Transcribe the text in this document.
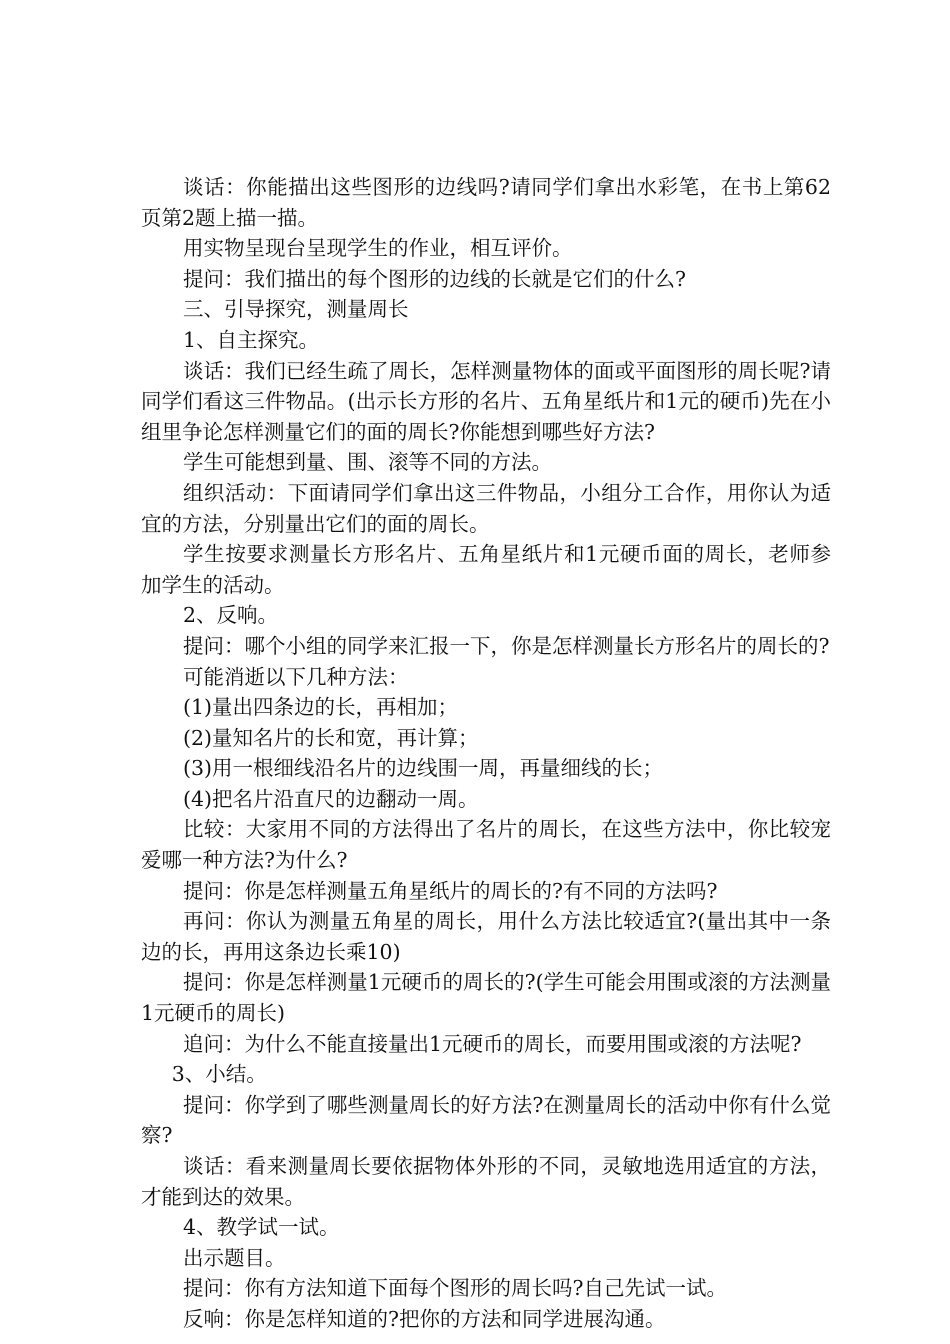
谈话：你能描出这些图形的边线吗?请同学们拿出水彩笔，在书上第62页第2题上描一描。

用实物呈现台呈现学生的作业，相互评价。

提问：我们描出的每个图形的边线的长就是它们的什么?

三、引导探究，测量周长

1、自主探究。

谈话：我们已经生疏了周长，怎样测量物体的面或平面图形的周长呢?请同学们看这三件物品。(出示长方形的名片、五角星纸片和1元的硬币)先在小组里争论怎样测量它们的面的周长?你能想到哪些好方法?

学生可能想到量、围、滚等不同的方法。

组织活动：下面请同学们拿出这三件物品，小组分工合作，用你认为适宜的方法，分别量出它们的面的周长。

学生按要求测量长方形名片、五角星纸片和1元硬币面的周长，老师参加学生的活动。

2、反响。

提问：哪个小组的同学来汇报一下，你是怎样测量长方形名片的周长的?

可能消逝以下几种方法：

(1)量出四条边的长，再相加；

(2)量知名片的长和宽，再计算；

(3)用一根细线沿名片的边线围一周，再量细线的长；

(4)把名片沿直尺的边翻动一周。

比较：大家用不同的方法得出了名片的周长，在这些方法中，你比较宠爱哪一种方法?为什么?

提问：你是怎样测量五角星纸片的周长的?有不同的方法吗?

再问：你认为测量五角星的周长，用什么方法比较适宜?(量出其中一条边的长，再用这条边长乘10)

提问：你是怎样测量1元硬币的周长的?(学生可能会用围或滚的方法测量1元硬币的周长)

追问：为什么不能直接量出1元硬币的周长，而要用围或滚的方法呢?

3、小结。

提问：你学到了哪些测量周长的好方法?在测量周长的活动中你有什么觉察?

谈话：看来测量周长要依据物体外形的不同，灵敏地选用适宜的方法，才能到达的效果。

4、教学试一试。

出示题目。

提问：你有方法知道下面每个图形的周长吗?自己先试一试。

反响：你是怎样知道的?把你的方法和同学进展沟通。
